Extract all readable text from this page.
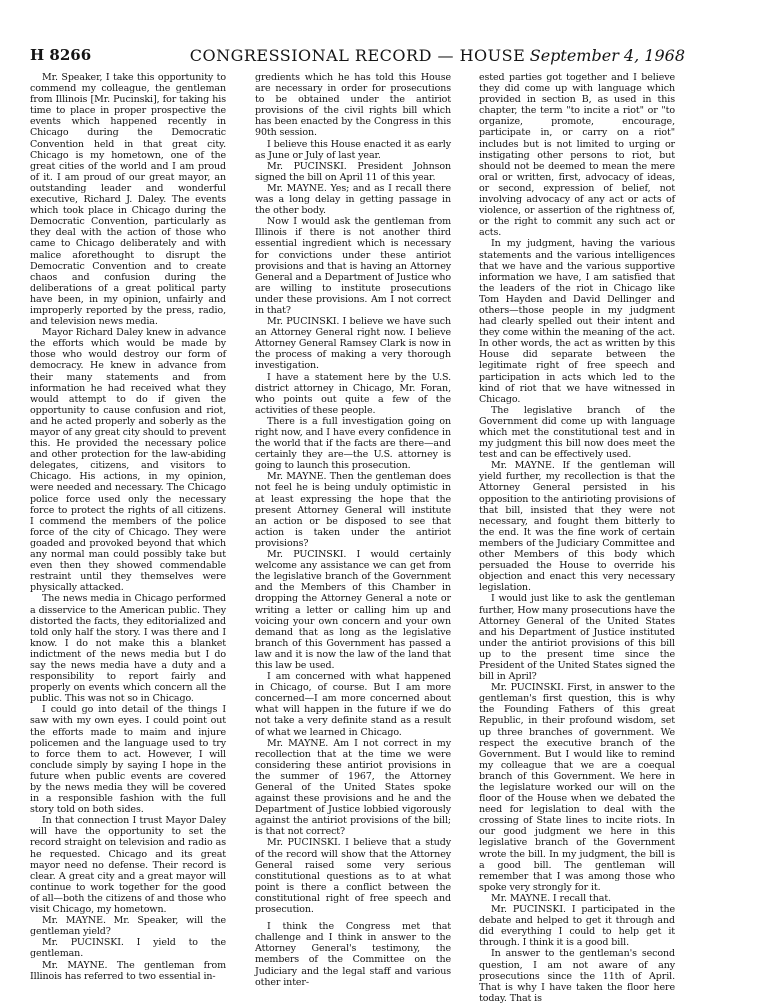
H 8266	CONGRESSIONAL RECORD — HOUSE September 4, 1968

Mr. Speaker, I take this opportunity to commend my colleague, the gentleman from Illinois [Mr. Pucinski], for taking his time to place in proper prospective the events which happened recently in Chicago during the Democratic Convention held in that great city. Chicago is my hometown, one of the great cities of the world and I am proud of it. I am proud of our great mayor, an outstanding leader and wonderful executive, Richard J. Daley. The events which took place in Chicago during the Democratic Convention, particularly as they deal with the action of those who came to Chicago deliberately and with malice aforethought to disrupt the Democratic Convention and to create chaos and confusion during the deliberations of a great political party have been, in my opinion, unfairly and improperly reported by the press, radio, and television news media.

Mayor Richard Daley knew in advance the efforts which would be made by those who would destroy our form of democracy. He knew in advance from their many statements and from information he had received what they would attempt to do if given the opportunity to cause confusion and riot, and he acted properly and soberly as the mayor of any great city should to prevent this. He provided the necessary police and other protection for the law-abiding delegates, citizens, and visitors to Chicago. His actions, in my opinion, were needed and necessary. The Chicago police force used only the necessary force to protect the rights of all citizens. I commend the members of the police force of the city of Chicago. They were goaded and provoked beyond that which any normal man could possibly take but even then they showed commendable restraint until they themselves were physically attacked.

The news media in Chicago performed a disservice to the American public. They distorted the facts, they editorialized and told only half the story. I was there and I know. I do not make this a blanket indictment of the news media but I do say the news media have a duty and a responsibility to report fairly and properly on events which concern all the public. This was not so in Chicago.

I could go into detail of the things I saw with my own eyes. I could point out the efforts made to maim and injure policemen and the language used to try to force them to act. However, I will conclude simply by saying I hope in the future when public events are covered by the news media they will be covered in a responsible fashion with the full story told on both sides.

In that connection I trust Mayor Daley will have the opportunity to set the record straight on television and radio as he requested. Chicago and its great mayor need no defense. Their record is clear. A great city and a great mayor will continue to work together for the good of all—both the citizens of and those who visit Chicago, my hometown.

Mr. MAYNE. Mr. Speaker, will the gentleman yield?

Mr. PUCINSKI. I yield to the gentleman.

Mr. MAYNE. The gentleman from Illinois has referred to two essential in-

gredients which he has told this House are necessary in order for prosecutions to be obtained under the antiriot provisions of the civil rights bill which has been enacted by the Congress in this 90th session.

I believe this House enacted it as early as June or July of last year.

Mr. PUCINSKI. President Johnson signed the bill on April 11 of this year.

Mr. MAYNE. Yes; and as I recall there was a long delay in getting passage in the other body.

Now I would ask the gentleman from Illinois if there is not another third essential ingredient which is necessary for convictions under these antiriot provisions and that is having an Attorney General and a Department of Justice who are willing to institute prosecutions under these provisions. Am I not correct in that?

Mr. PUCINSKI. I believe we have such an Attorney General right now. I believe Attorney General Ramsey Clark is now in the process of making a very thorough investigation.

I have a statement here by the U.S. district attorney in Chicago, Mr. Foran, who points out quite a few of the activities of these people.

There is a full investigation going on right now, and I have every confidence in the world that if the facts are there—and certainly they are—the U.S. attorney is going to launch this prosecution.

Mr. MAYNE. Then the gentleman does not feel he is being unduly optimistic in at least expressing the hope that the present Attorney General will institute an action or be disposed to see that action is taken under the antiriot provisions?

Mr. PUCINSKI. I would certainly welcome any assistance we can get from the legislative branch of the Government and the Members of this Chamber in dropping the Attorney General a note or writing a letter or calling him up and voicing your own concern and your own demand that as long as the legislative branch of this Government has passed a law and it is now the law of the land that this law be used.

I am concerned with what happened in Chicago, of course. But I am more concerned—I am more concerned about what will happen in the future if we do not take a very definite stand as a result of what we learned in Chicago.

Mr. MAYNE. Am I not correct in my recollection that at the time we were considering these antiriot provisions in the summer of 1967, the Attorney General of the United States spoke against these provisions and he and the Department of Justice lobbied vigorously against the antiriot provisions of the bill; is that not correct?

Mr. PUCINSKI. I believe that a study of the record will show that the Attorney General raised some very serious constitutional questions as to at what point is there a conflict between the constitutional right of free speech and prosecution.

I think the Congress met that challenge and I think in answer to the Attorney General's testimony, the members of the Committee on the Judiciary and the legal staff and various other inter-

ested parties got together and I believe they did come up with language which provided in section B, as used in this chapter, the term "to incite a riot" or "to organize, promote, encourage, participate in, or carry on a riot" includes but is not limited to urging or instigating other persons to riot, but should not be deemed to mean the mere oral or written, first, advocacy of ideas, or second, expression of belief, not involving advocacy of any act or acts of violence, or assertion of the rightness of, or the right to commit any such act or acts.

In my judgment, having the various statements and the various intelligences that we have and the various supportive information we have, I am satisfied that the leaders of the riot in Chicago like Tom Hayden and David Dellinger and others—those people in my judgment had clearly spelled out their intent and they come within the meaning of the act. In other words, the act as written by this House did separate between the legitimate right of free speech and participation in acts which led to the kind of riot that we have witnessed in Chicago.

The legislative branch of the Government did come up with language which met the constitutional test and in my judgment this bill now does meet the test and can be effectively used.

Mr. MAYNE. If the gentleman will yield further, my recollection is that the Attorney General persisted in his opposition to the antirioting provisions of that bill, insisted that they were not necessary, and fought them bitterly to the end. It was the fine work of certain members of the Judiciary Committee and other Members of this body which persuaded the House to override his objection and enact this very necessary legislation.

I would just like to ask the gentleman further, How many prosecutions have the Attorney General of the United States and his Department of Justice instituted under the antiriot provisions of this bill up to the present time since the President of the United States signed the bill in April?

Mr. PUCINSKI. First, in answer to the gentleman's first question, this is why the Founding Fathers of this great Republic, in their profound wisdom, set up three branches of government. We respect the executive branch of the Government. But I would like to remind my colleague that we are a coequal branch of this Government. We here in the legislature worked our will on the floor of the House when we debated the need for legislation to deal with the crossing of State lines to incite riots. In our good judgment we here in this legislative branch of the Government wrote the bill. In my judgment, the bill is a good bill. The gentleman will remember that I was among those who spoke very strongly for it.

Mr. MAYNE. I recall that.

Mr. PUCINSKI. I participated in the debate and helped to get it through and did everything I could to help get it through. I think it is a good bill.

In answer to the gentleman's second question, I am not aware of any prosecutions since the 11th of April. That is why I have taken the floor here today. That is
